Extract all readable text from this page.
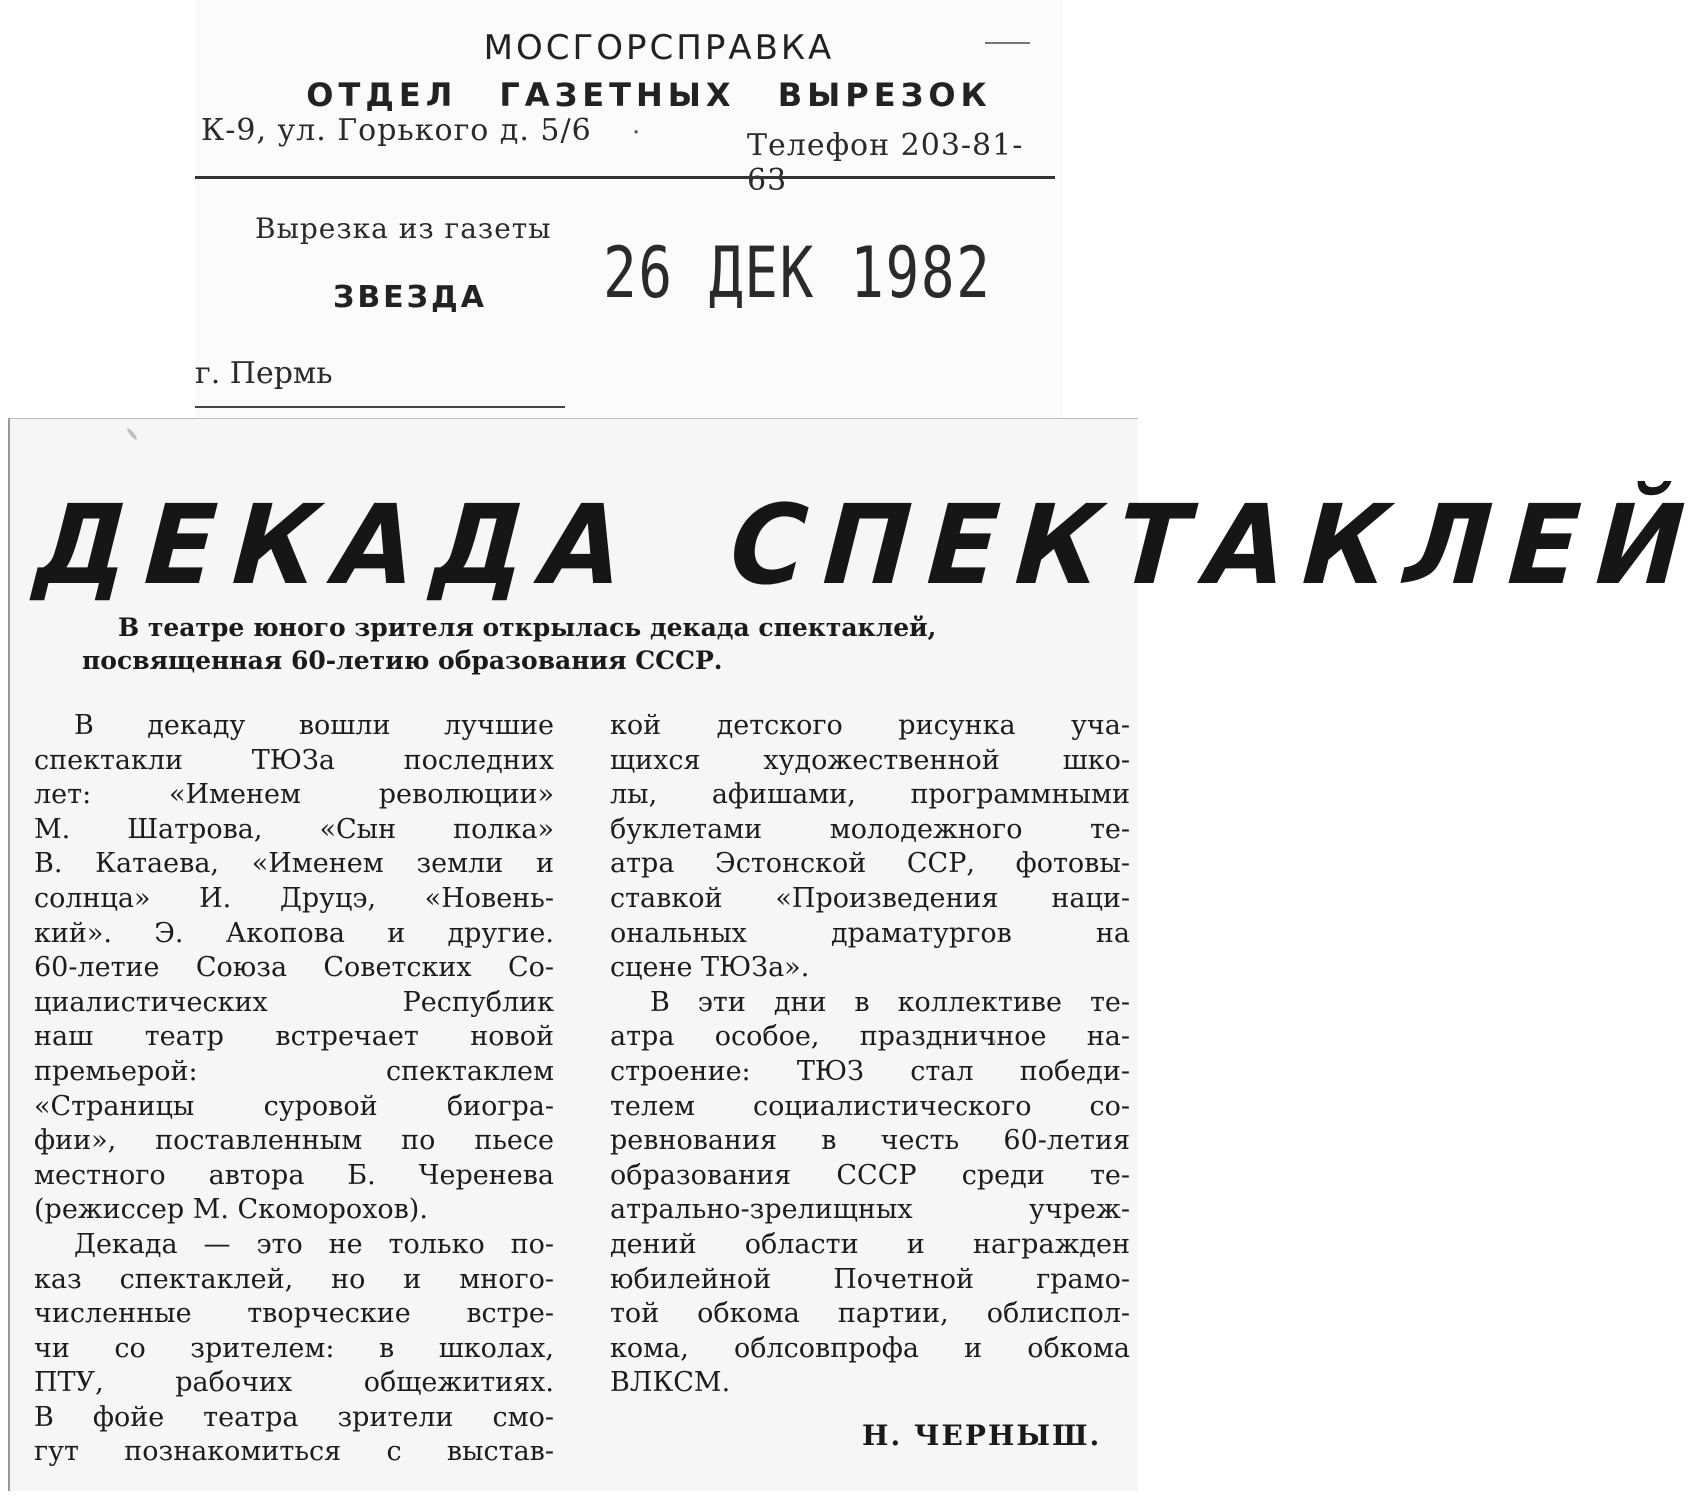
МОСГОРСПРАВКА
ОТДЕЛ ГАЗЕТНЫХ ВЫРЕЗОК
К-9, ул. Горького д. 5/6 ·	Телефон 203-81-63
Вырезка из газеты
ЗВЕЗДА 26 ДЕК 1982
г. Пермь
ДЕКАДА СПЕКТАКЛЕЙ
В театре юного зрителя открылась декада спектаклей,
посвященная 60-летию образования СССР.
В декаду вошли лучшие
спектакли ТЮЗа последних
лет: «Именем революции»
М. Шатрова, «Сын полка»
В. Катаева, «Именем земли и
солнца» И. Друцэ, «Новень-
кий». Э. Акопова и другие.
60-летие Союза Советских Со-
циалистических Республик
наш театр встречает новой
премьерой: спектаклем
«Страницы суровой биогра-
фии», поставленным по пьесе
местного автора Б. Черенева
(режиссер М. Скоморохов).
Декада — это не только по-
каз спектаклей, но и много-
численные творческие встре-
чи со зрителем: в школах,
ПТУ, рабочих общежитиях.
В фойе театра зрители смо-
гут познакомиться с выстав-
кой детского рисунка уча-
щихся художественной шко-
лы, афишами, программными
буклетами молодежного те-
атра Эстонской ССР, фотовы-
ставкой «Произведения наци-
ональных драматургов на
сцене ТЮЗа».
В эти дни в коллективе те-
атра особое, праздничное на-
строение: ТЮЗ стал победи-
телем социалистического со-
ревнования в честь 60-летия
образования СССР среди те-
атрально-зрелищных учреж-
дений области и награжден
юбилейной Почетной грамо-
той обкома партии, облиспол-
кома, облсовпрофа и обкома
ВЛКСМ.
Н. ЧЕРНЫШ.
